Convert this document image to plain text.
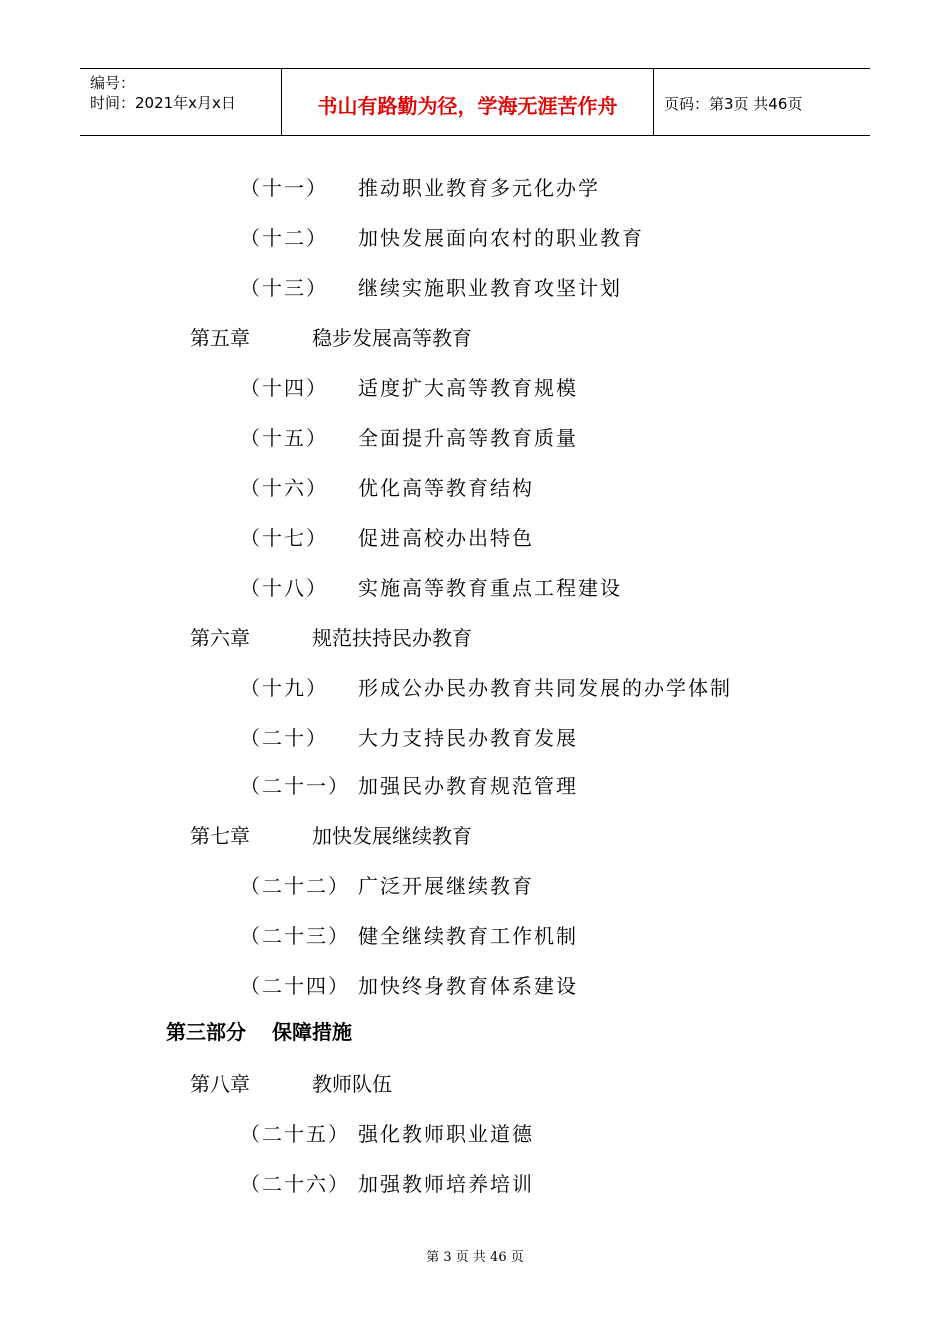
编号：
时间：2021年x月x日	书山有路勤为径，学海无涯苦作舟	页码：第3页 共46页
（十一） 推动职业教育多元化办学
（十二） 加快发展面向农村的职业教育
（十三） 继续实施职业教育攻坚计划
第五章	稳步发展高等教育
（十四） 适度扩大高等教育规模
（十五） 全面提升高等教育质量
（十六） 优化高等教育结构
（十七） 促进高校办出特色
（十八） 实施高等教育重点工程建设
第六章	规范扶持民办教育
（十九） 形成公办民办教育共同发展的办学体制
（二十） 大力支持民办教育发展
（二十一） 加强民办教育规范管理
第七章	加快发展继续教育
（二十二） 广泛开展继续教育
（二十三） 健全继续教育工作机制
（二十四） 加快终身教育体系建设
第三部分 保障措施
第八章	教师队伍
（二十五） 强化教师职业道德
（二十六） 加强教师培养培训
第 3 页 共 46 页
